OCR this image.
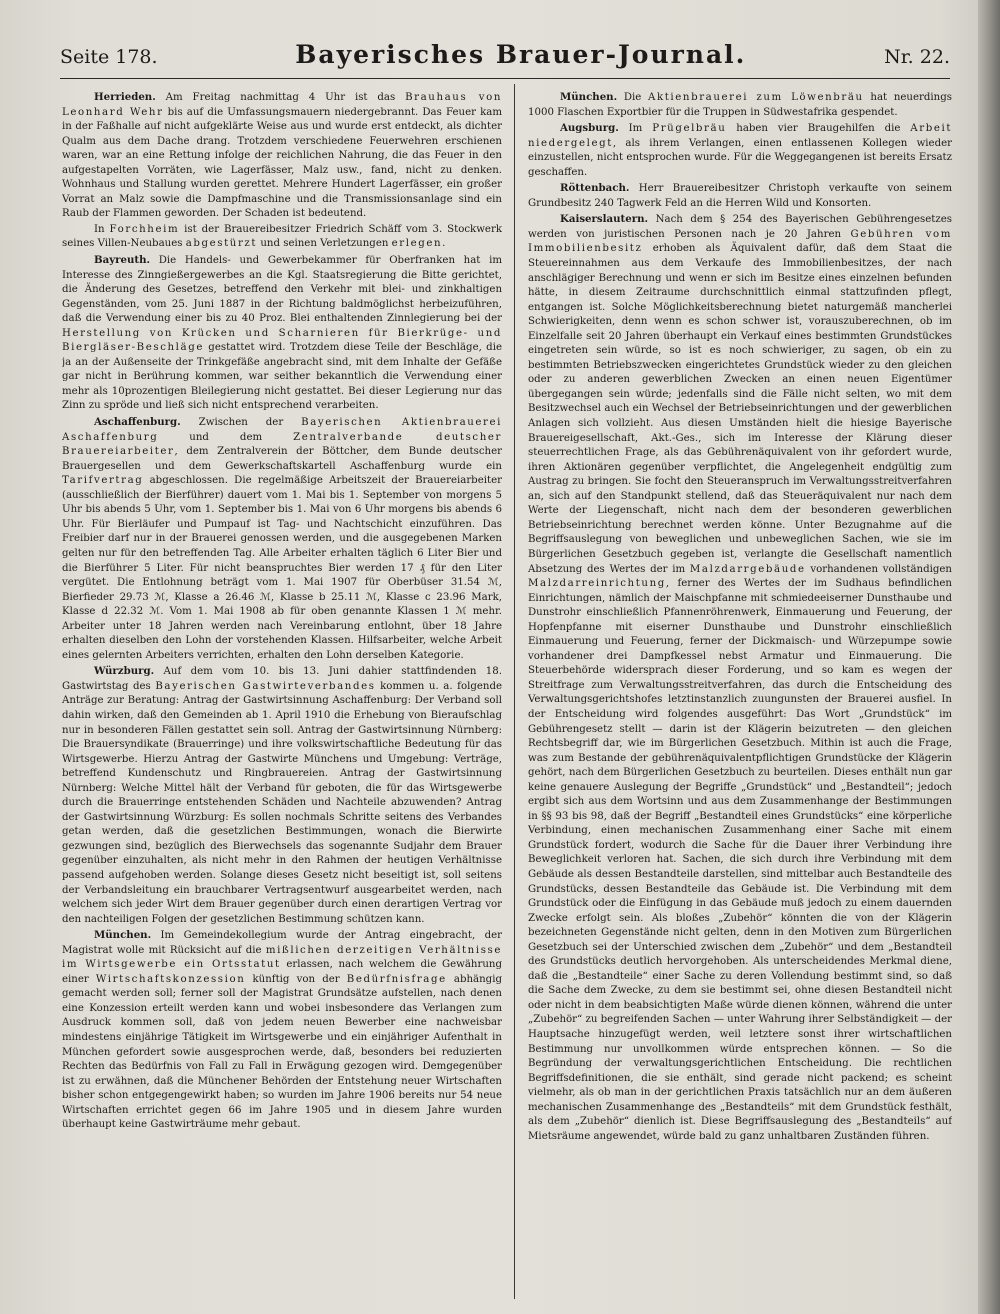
Seite 178.	Bayerisches Brauer-Journal.	Nr. 22.

Herrieden. Am Freitag nachmittag 4 Uhr ist das Brauhaus von Leonhard Wehr bis auf die Umfassungsmauern niedergebrannt. Das Feuer kam in der Faßhalle auf nicht aufgeklärte Weise aus und wurde erst entdeckt, als dichter Qualm aus dem Dache drang. Trotzdem verschiedene Feuerwehren erschienen waren, war an eine Rettung infolge der reichlichen Nahrung, die das Feuer in den aufgestapelten Vorräten, wie Lagerfässer, Malz usw., fand, nicht zu denken. Wohnhaus und Stallung wurden gerettet. Mehrere Hundert Lagerfässer, ein großer Vorrat an Malz sowie die Dampfmaschine und die Transmissionsanlage sind ein Raub der Flammen geworden. Der Schaden ist bedeutend.

In Forchheim ist der Brauereibesitzer Friedrich Schäff vom 3. Stockwerk seines Villen-Neubaues abgestürzt und seinen Verletzungen erlegen.

Bayreuth. Die Handels- und Gewerbekammer für Oberfranken hat im Interesse des Zinngießergewerbes an die Kgl. Staatsregierung die Bitte gerichtet, die Änderung des Gesetzes, betreffend den Verkehr mit blei- und zinkhaltigen Gegenständen, vom 25. Juni 1887 in der Richtung baldmöglichst herbeizuführen, daß die Verwendung einer bis zu 40 Proz. Blei enthaltenden Zinnlegierung bei der Herstellung von Krücken und Scharnieren für Bierkrüge- und Biergläser-Beschläge gestattet wird. Trotzdem diese Teile der Beschläge, die ja an der Außenseite der Trinkgefäße angebracht sind, mit dem Inhalte der Gefäße gar nicht in Berührung kommen, war seither bekanntlich die Verwendung einer mehr als 10prozentigen Bleilegierung nicht gestattet. Bei dieser Legierung nur das Zinn zu spröde und ließ sich nicht entsprechend verarbeiten.

Aschaffenburg. Zwischen der Bayerischen Aktienbrauerei Aschaffenburg und dem Zentralverbande deutscher Brauereiarbeiter, dem Zentralverein der Böttcher, dem Bunde deutscher Brauergesellen und dem Gewerkschaftskartell Aschaffenburg wurde ein Tarifvertrag abgeschlossen. Die regelmäßige Arbeitszeit der Brauereiarbeiter (ausschließlich der Bierführer) dauert vom 1. Mai bis 1. September von morgens 5 Uhr bis abends 5 Uhr, vom 1. September bis 1. Mai von 6 Uhr morgens bis abends 6 Uhr. Für Bierläufer und Pumpauf ist Tag- und Nachtschicht einzuführen. Das Freibier darf nur in der Brauerei genossen werden, und die ausgegebenen Marken gelten nur für den betreffenden Tag. Alle Arbeiter erhalten täglich 6 Liter Bier und die Bierführer 5 Liter. Für nicht beanspruchtes Bier werden 17 ₰ für den Liter vergütet. Die Entlohnung beträgt vom 1. Mai 1907 für Oberbüser 31.54 ℳ, Bierfieder 29.73 ℳ, Klasse a 26.46 ℳ, Klasse b 25.11 ℳ, Klasse c 23.96 Mark, Klasse d 22.32 ℳ. Vom 1. Mai 1908 ab für oben genannte Klassen 1 ℳ mehr. Arbeiter unter 18 Jahren werden nach Vereinbarung entlohnt, über 18 Jahre erhalten dieselben den Lohn der vorstehenden Klassen. Hilfsarbeiter, welche Arbeit eines gelernten Arbeiters verrichten, erhalten den Lohn derselben Kategorie.

Würzburg. Auf dem vom 10. bis 13. Juni dahier stattfindenden 18. Gastwirtstag des Bayerischen Gastwirteverbandes kommen u. a. folgende Anträge zur Beratung: Antrag der Gastwirtsinnung Aschaffenburg: Der Verband soll dahin wirken, daß den Gemeinden ab 1. April 1910 die Erhebung von Bieraufschlag nur in besonderen Fällen gestattet sein soll. Antrag der Gastwirtsinnung Nürnberg: Die Brauersyndikate (Brauerringe) und ihre volkswirtschaftliche Bedeutung für das Wirtsgewerbe. Hierzu Antrag der Gastwirte Münchens und Umgebung: Verträge, betreffend Kundenschutz und Ringbrauereien. Antrag der Gastwirtsinnung Nürnberg: Welche Mittel hält der Verband für geboten, die für das Wirtsgewerbe durch die Brauerringe entstehenden Schäden und Nachteile abzuwenden? Antrag der Gastwirtsinnung Würzburg: Es sollen nochmals Schritte seitens des Verbandes getan werden, daß die gesetzlichen Bestimmungen, wonach die Bierwirte gezwungen sind, bezüglich des Bierwechsels das sogenannte Sudjahr dem Brauer gegenüber einzuhalten, als nicht mehr in den Rahmen der heutigen Verhältnisse passend aufgehoben werden. Solange dieses Gesetz nicht beseitigt ist, soll seitens der Verbandsleitung ein brauchbarer Vertragsentwurf ausgearbeitet werden, nach welchem sich jeder Wirt dem Brauer gegenüber durch einen derartigen Vertrag vor den nachteiligen Folgen der gesetzlichen Bestimmung schützen kann.

München. Im Gemeindekollegium wurde der Antrag eingebracht, der Magistrat wolle mit Rücksicht auf die mißlichen derzeitigen Verhältnisse im Wirtsgewerbe ein Ortsstatut erlassen, nach welchem die Gewährung einer Wirtschaftskonzession künftig von der Bedürfnisfrage abhängig gemacht werden soll; ferner soll der Magistrat Grundsätze aufstellen, nach denen eine Konzession erteilt werden kann und wobei insbesondere das Verlangen zum Ausdruck kommen soll, daß von jedem neuen Bewerber eine nachweisbar mindestens einjährige Tätigkeit im Wirtsgewerbe und ein einjähriger Aufenthalt in München gefordert sowie ausgesprochen werde, daß, besonders bei reduzierten Rechten das Bedürfnis von Fall zu Fall in Erwägung gezogen wird. Demgegenüber ist zu erwähnen, daß die Münchener Behörden der Entstehung neuer Wirtschaften bisher schon entgegengewirkt haben; so wurden im Jahre 1906 bereits nur 54 neue Wirtschaften errichtet gegen 66 im Jahre 1905 und in diesem Jahre wurden überhaupt keine Gastwirträume mehr gebaut.

München. Die Aktienbrauerei zum Löwenbräu hat neuerdings 1000 Flaschen Exportbier für die Truppen in Südwestafrika gespendet.

Augsburg. Im Prügelbräu haben vier Braugehilfen die Arbeit niedergelegt, als ihrem Verlangen, einen entlassenen Kollegen wieder einzustellen, nicht entsprochen wurde. Für die Weggegangenen ist bereits Ersatz geschaffen.

Röttenbach. Herr Brauereibesitzer Christoph verkaufte von seinem Grundbesitz 240 Tagwerk Feld an die Herren Wild und Konsorten.

Kaiserslautern. Nach dem § 254 des Bayerischen Gebührengesetzes werden von juristischen Personen nach je 20 Jahren Gebühren vom Immobilienbesitz erhoben als Äquivalent dafür, daß dem Staat die Steuereinnahmen aus dem Verkaufe des Immobilienbesitzes, der nach anschlägiger Berechnung und wenn er sich im Besitze eines einzelnen befunden hätte, in diesem Zeitraume durchschnittlich einmal stattzufinden pflegt, entgangen ist. Solche Möglichkeitsberechnung bietet naturgemäß mancherlei Schwierigkeiten, denn wenn es schon schwer ist, vorauszuberechnen, ob im Einzelfalle seit 20 Jahren überhaupt ein Verkauf eines bestimmten Grundstückes eingetreten sein würde, so ist es noch schwieriger, zu sagen, ob ein zu bestimmten Betriebszwecken eingerichtetes Grundstück wieder zu den gleichen oder zu anderen gewerblichen Zwecken an einen neuen Eigentümer übergegangen sein würde; jedenfalls sind die Fälle nicht selten, wo mit dem Besitzwechsel auch ein Wechsel der Betriebseinrichtungen und der gewerblichen Anlagen sich vollzieht. Aus diesen Umständen hielt die hiesige Bayerische Brauereigesellschaft, Akt.-Ges., sich im Interesse der Klärung dieser steuerrechtlichen Frage, als das Gebührenäquivalent von ihr gefordert wurde, ihren Aktionären gegenüber verpflichtet, die Angelegenheit endgültig zum Austrag zu bringen. Sie focht den Steueranspruch im Verwaltungsstreitverfahren an, sich auf den Standpunkt stellend, daß das Steueräquivalent nur nach dem Werte der Liegenschaft, nicht nach dem der besonderen gewerblichen Betriebseinrichtung berechnet werden könne. Unter Bezugnahme auf die Begriffsauslegung von beweglichen und unbeweglichen Sachen, wie sie im Bürgerlichen Gesetzbuch gegeben ist, verlangte die Gesellschaft namentlich Absetzung des Wertes der im Malzdarrgebäude vorhandenen vollständigen Malzdarreinrichtung, ferner des Wertes der im Sudhaus befindlichen Einrichtungen, nämlich der Maischpfanne mit schmiedeeiserner Dunsthaube und Dunstrohr einschließlich Pfannenröhrenwerk, Einmauerung und Feuerung, der Hopfenpfanne mit eiserner Dunsthaube und Dunstrohr einschließlich Einmauerung und Feuerung, ferner der Dickmaisch- und Würzepumpe sowie vorhandener drei Dampfkessel nebst Armatur und Einmauerung. Die Steuerbehörde widersprach dieser Forderung, und so kam es wegen der Streitfrage zum Verwaltungsstreitverfahren, das durch die Entscheidung des Verwaltungsgerichtshofes letztinstanzlich zuungunsten der Brauerei ausfiel. In der Entscheidung wird folgendes ausgeführt: Das Wort „Grundstück“ im Gebührengesetz stellt — darin ist der Klägerin beizutreten — den gleichen Rechtsbegriff dar, wie im Bürgerlichen Gesetzbuch. Mithin ist auch die Frage, was zum Bestande der gebührenäquivalentpflichtigen Grundstücke der Klägerin gehört, nach dem Bürgerlichen Gesetzbuch zu beurteilen. Dieses enthält nun gar keine genauere Auslegung der Begriffe „Grundstück“ und „Bestandteil“; jedoch ergibt sich aus dem Wortsinn und aus dem Zusammenhange der Bestimmungen in §§ 93 bis 98, daß der Begriff „Bestandteil eines Grundstücks“ eine körperliche Verbindung, einen mechanischen Zusammenhang einer Sache mit einem Grundstück fordert, wodurch die Sache für die Dauer ihrer Verbindung ihre Beweglichkeit verloren hat. Sachen, die sich durch ihre Verbindung mit dem Gebäude als dessen Bestandteile darstellen, sind mittelbar auch Bestandteile des Grundstücks, dessen Bestandteile das Gebäude ist. Die Verbindung mit dem Grundstück oder die Einfügung in das Gebäude muß jedoch zu einem dauernden Zwecke erfolgt sein. Als bloßes „Zubehör“ könnten die von der Klägerin bezeichneten Gegenstände nicht gelten, denn in den Motiven zum Bürgerlichen Gesetzbuch sei der Unterschied zwischen dem „Zubehör“ und dem „Bestandteil des Grundstücks deutlich hervorgehoben. Als unterscheidendes Merkmal diene, daß die „Bestandteile“ einer Sache zu deren Vollendung bestimmt sind, so daß die Sache dem Zwecke, zu dem sie bestimmt sei, ohne diesen Bestandteil nicht oder nicht in dem beabsichtigten Maße würde dienen können, während die unter „Zubehör“ zu begreifenden Sachen — unter Wahrung ihrer Selbständigkeit — der Hauptsache hinzugefügt werden, weil letztere sonst ihrer wirtschaftlichen Bestimmung nur unvollkommen würde entsprechen können. — So die Begründung der verwaltungsgerichtlichen Entscheidung. Die rechtlichen Begriffsdefinitionen, die sie enthält, sind gerade nicht packend; es scheint vielmehr, als ob man in der gerichtlichen Praxis tatsächlich nur an dem äußeren mechanischen Zusammenhange des „Bestandteils“ mit dem Grundstück festhält, als dem „Zubehör“ dienlich ist. Diese Begriffsauslegung des „Bestandteils“ auf Mietsräume angewendet, würde bald zu ganz unhaltbaren Zuständen führen.
